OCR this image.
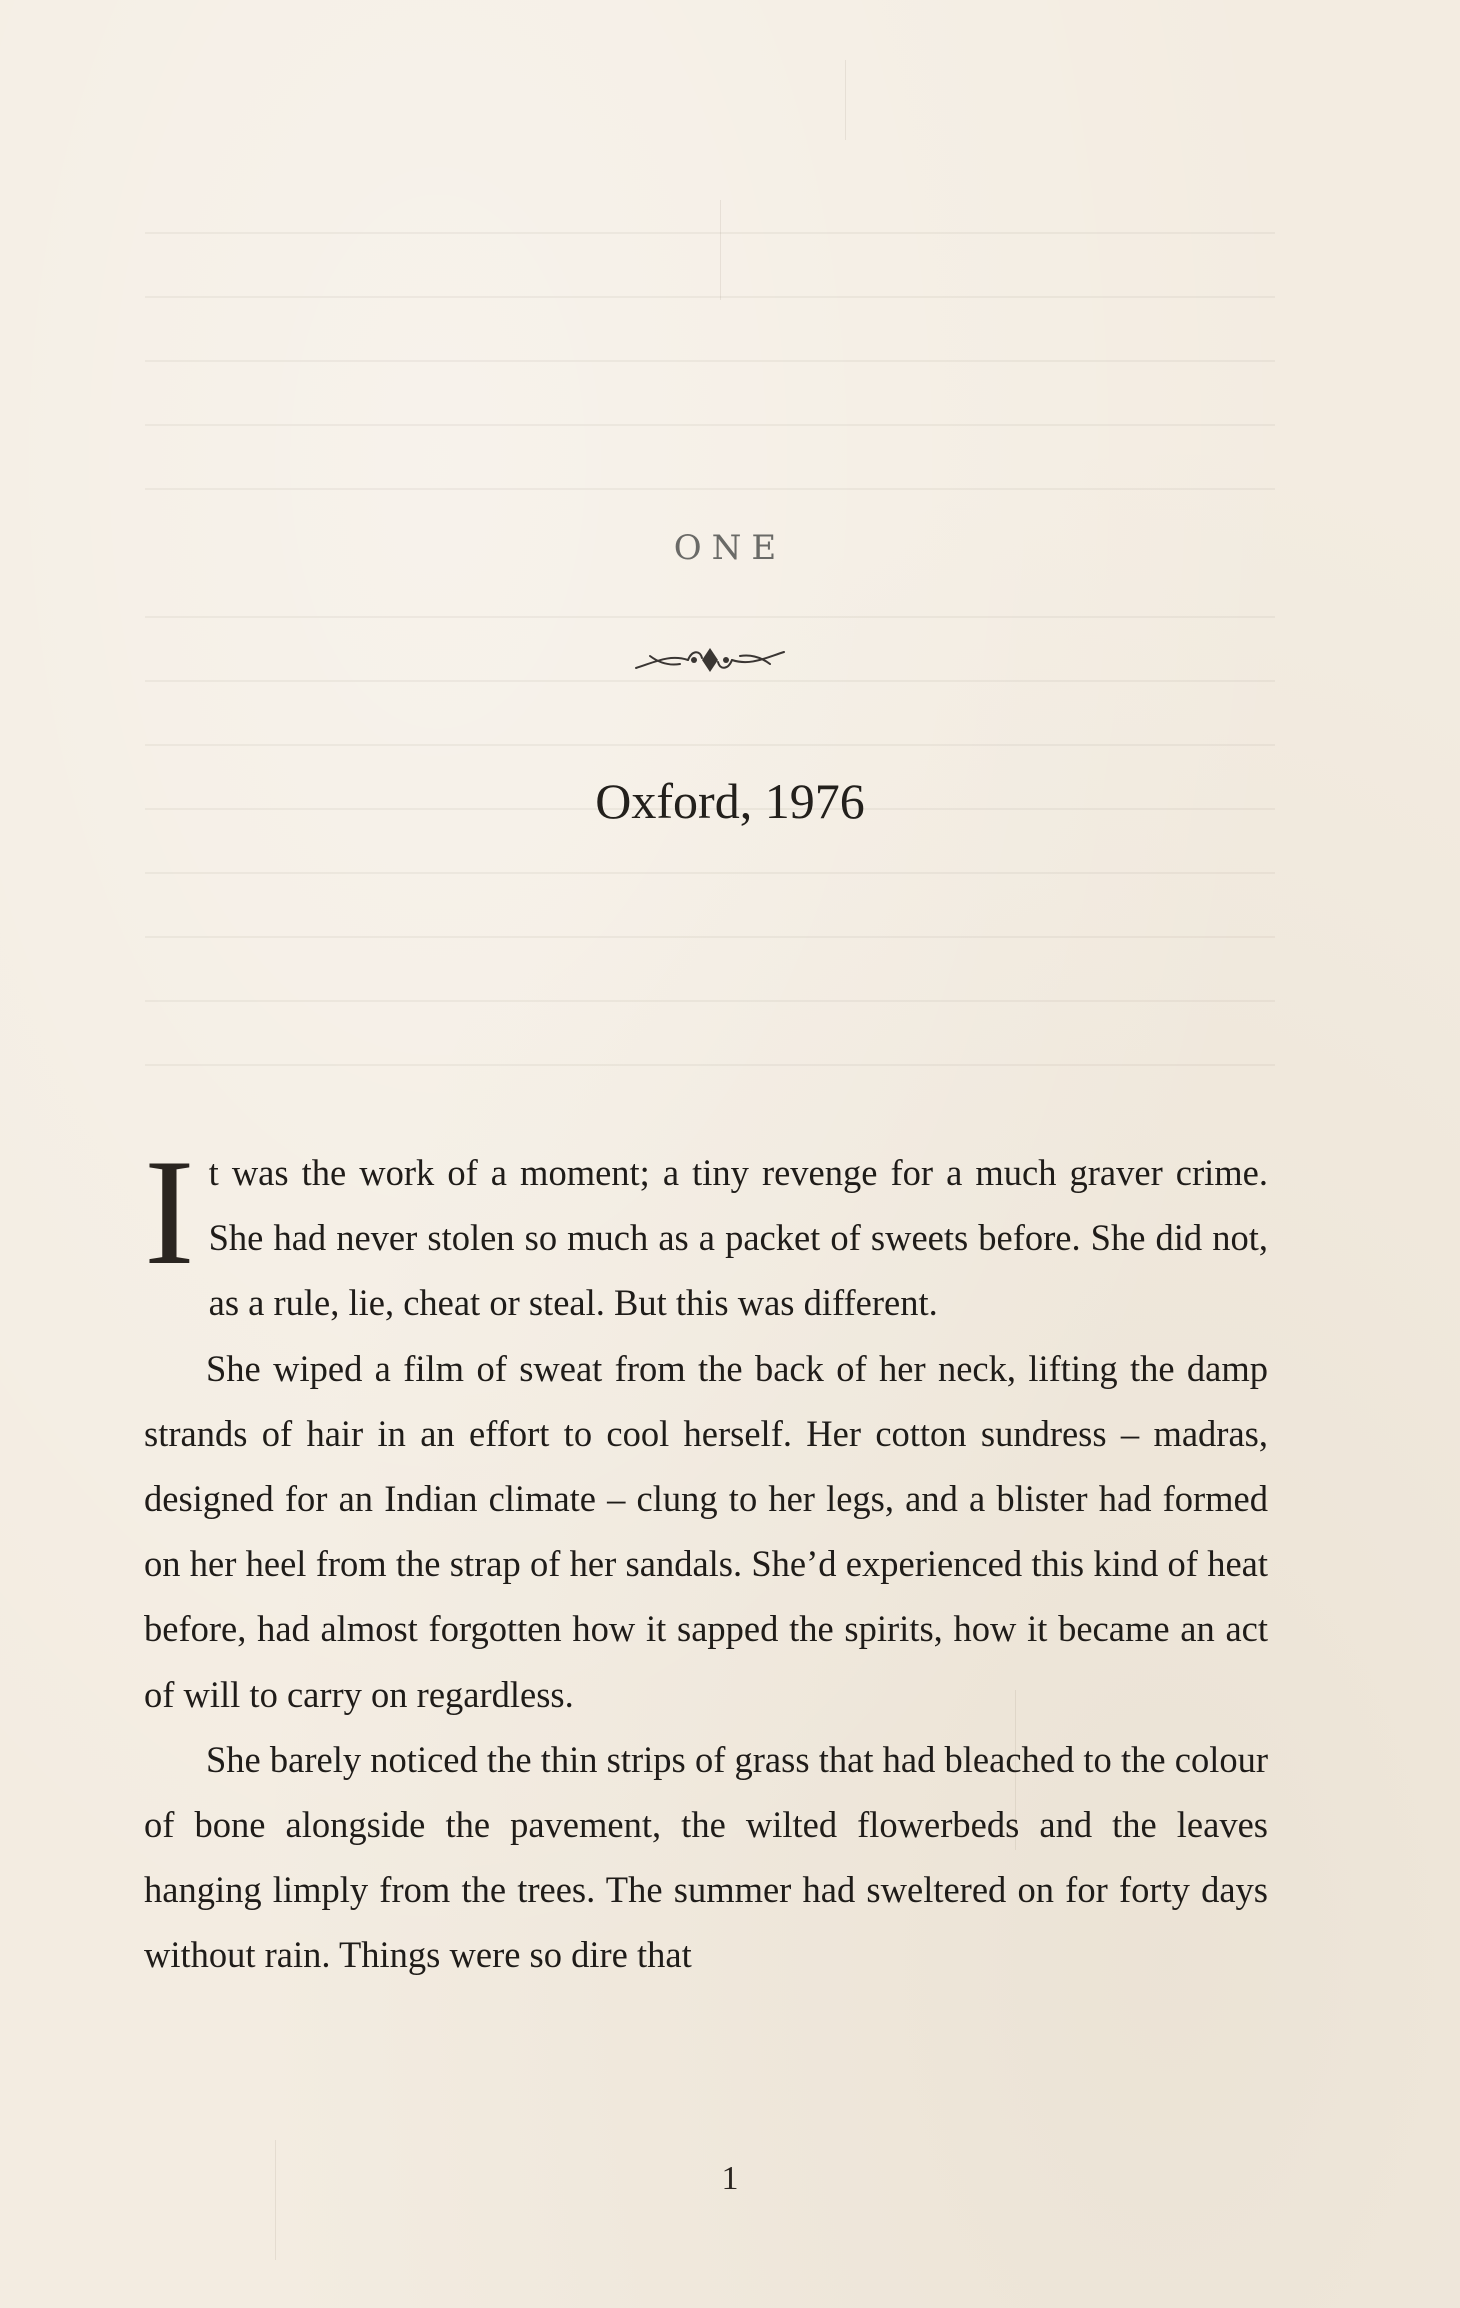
ONE
Oxford, 1976

It was the work of a moment; a tiny revenge for a much graver crime. She had never stolen so much as a packet of sweets before. She did not, as a rule, lie, cheat or steal. But this was different.

She wiped a film of sweat from the back of her neck, lifting the damp strands of hair in an effort to cool herself. Her cotton sundress – madras, designed for an Indian climate – clung to her legs, and a blister had formed on her heel from the strap of her sandals. She’d experienced this kind of heat before, had almost forgotten how it sapped the spirits, how it became an act of will to carry on regardless.

She barely noticed the thin strips of grass that had bleached to the colour of bone alongside the pavement, the wilted flowerbeds and the leaves hanging limply from the trees. The summer had sweltered on for forty days without rain. Things were so dire that

1
